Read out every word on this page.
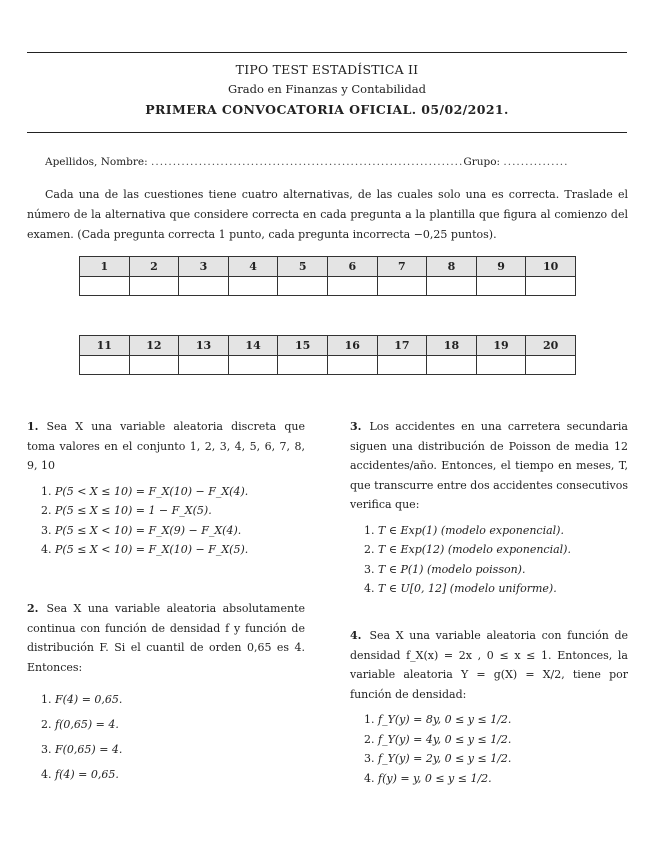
TIPO TEST ESTADÍSTICA II
Grado en Finanzas y Contabilidad
PRIMERA CONVOCATORIA OFICIAL. 05/02/2021.
Apellidos, Nombre: ........................................................................Grupo: ...............
Cada una de las cuestiones tiene cuatro alternativas, de las cuales solo una es correcta. Traslade el número de la alternativa que considere correcta en cada pregunta a la plantilla que figura al comienzo del examen. (Cada pregunta correcta 1 punto, cada pregunta incorrecta −0,25 puntos).
1	2	3	4	5	6	7	8	9	10

11	12	13	14	15	16	17	18	19	20

1. Sea X una variable aleatoria discreta que toma valores en el conjunto 1, 2, 3, 4, 5, 6, 7, 8, 9, 10
1. P(5 < X ≤ 10) = F_X(10) − F_X(4).
2. P(5 ≤ X ≤ 10) = 1 − F_X(5).
3. P(5 ≤ X < 10) = F_X(9) − F_X(4).
4. P(5 ≤ X < 10) = F_X(10) − F_X(5).
2. Sea X una variable aleatoria absolutamente continua con función de densidad f y función de distribución F. Si el cuantil de orden 0,65 es 4. Entonces:
1. F(4) = 0,65.
2. f(0,65) = 4.
3. F(0,65) = 4.
4. f(4) = 0,65.
3. Los accidentes en una carretera secundaria siguen una distribución de Poisson de media 12 accidentes/año. Entonces, el tiempo en meses, T, que transcurre entre dos accidentes consecutivos verifica que:
1. T ∈ Exp(1) (modelo exponencial).
2. T ∈ Exp(12) (modelo exponencial).
3. T ∈ P(1) (modelo poisson).
4. T ∈ U[0, 12] (modelo uniforme).
4. Sea X una variable aleatoria con función de densidad f_X(x) = 2x , 0 ≤ x ≤ 1. Entonces, la variable aleatoria Y = g(X) = X/2, tiene por función de densidad:
1. f_Y(y) = 8y, 0 ≤ y ≤ 1/2.
2. f_Y(y) = 4y, 0 ≤ y ≤ 1/2.
3. f_Y(y) = 2y, 0 ≤ y ≤ 1/2.
4. f(y) = y, 0 ≤ y ≤ 1/2.
